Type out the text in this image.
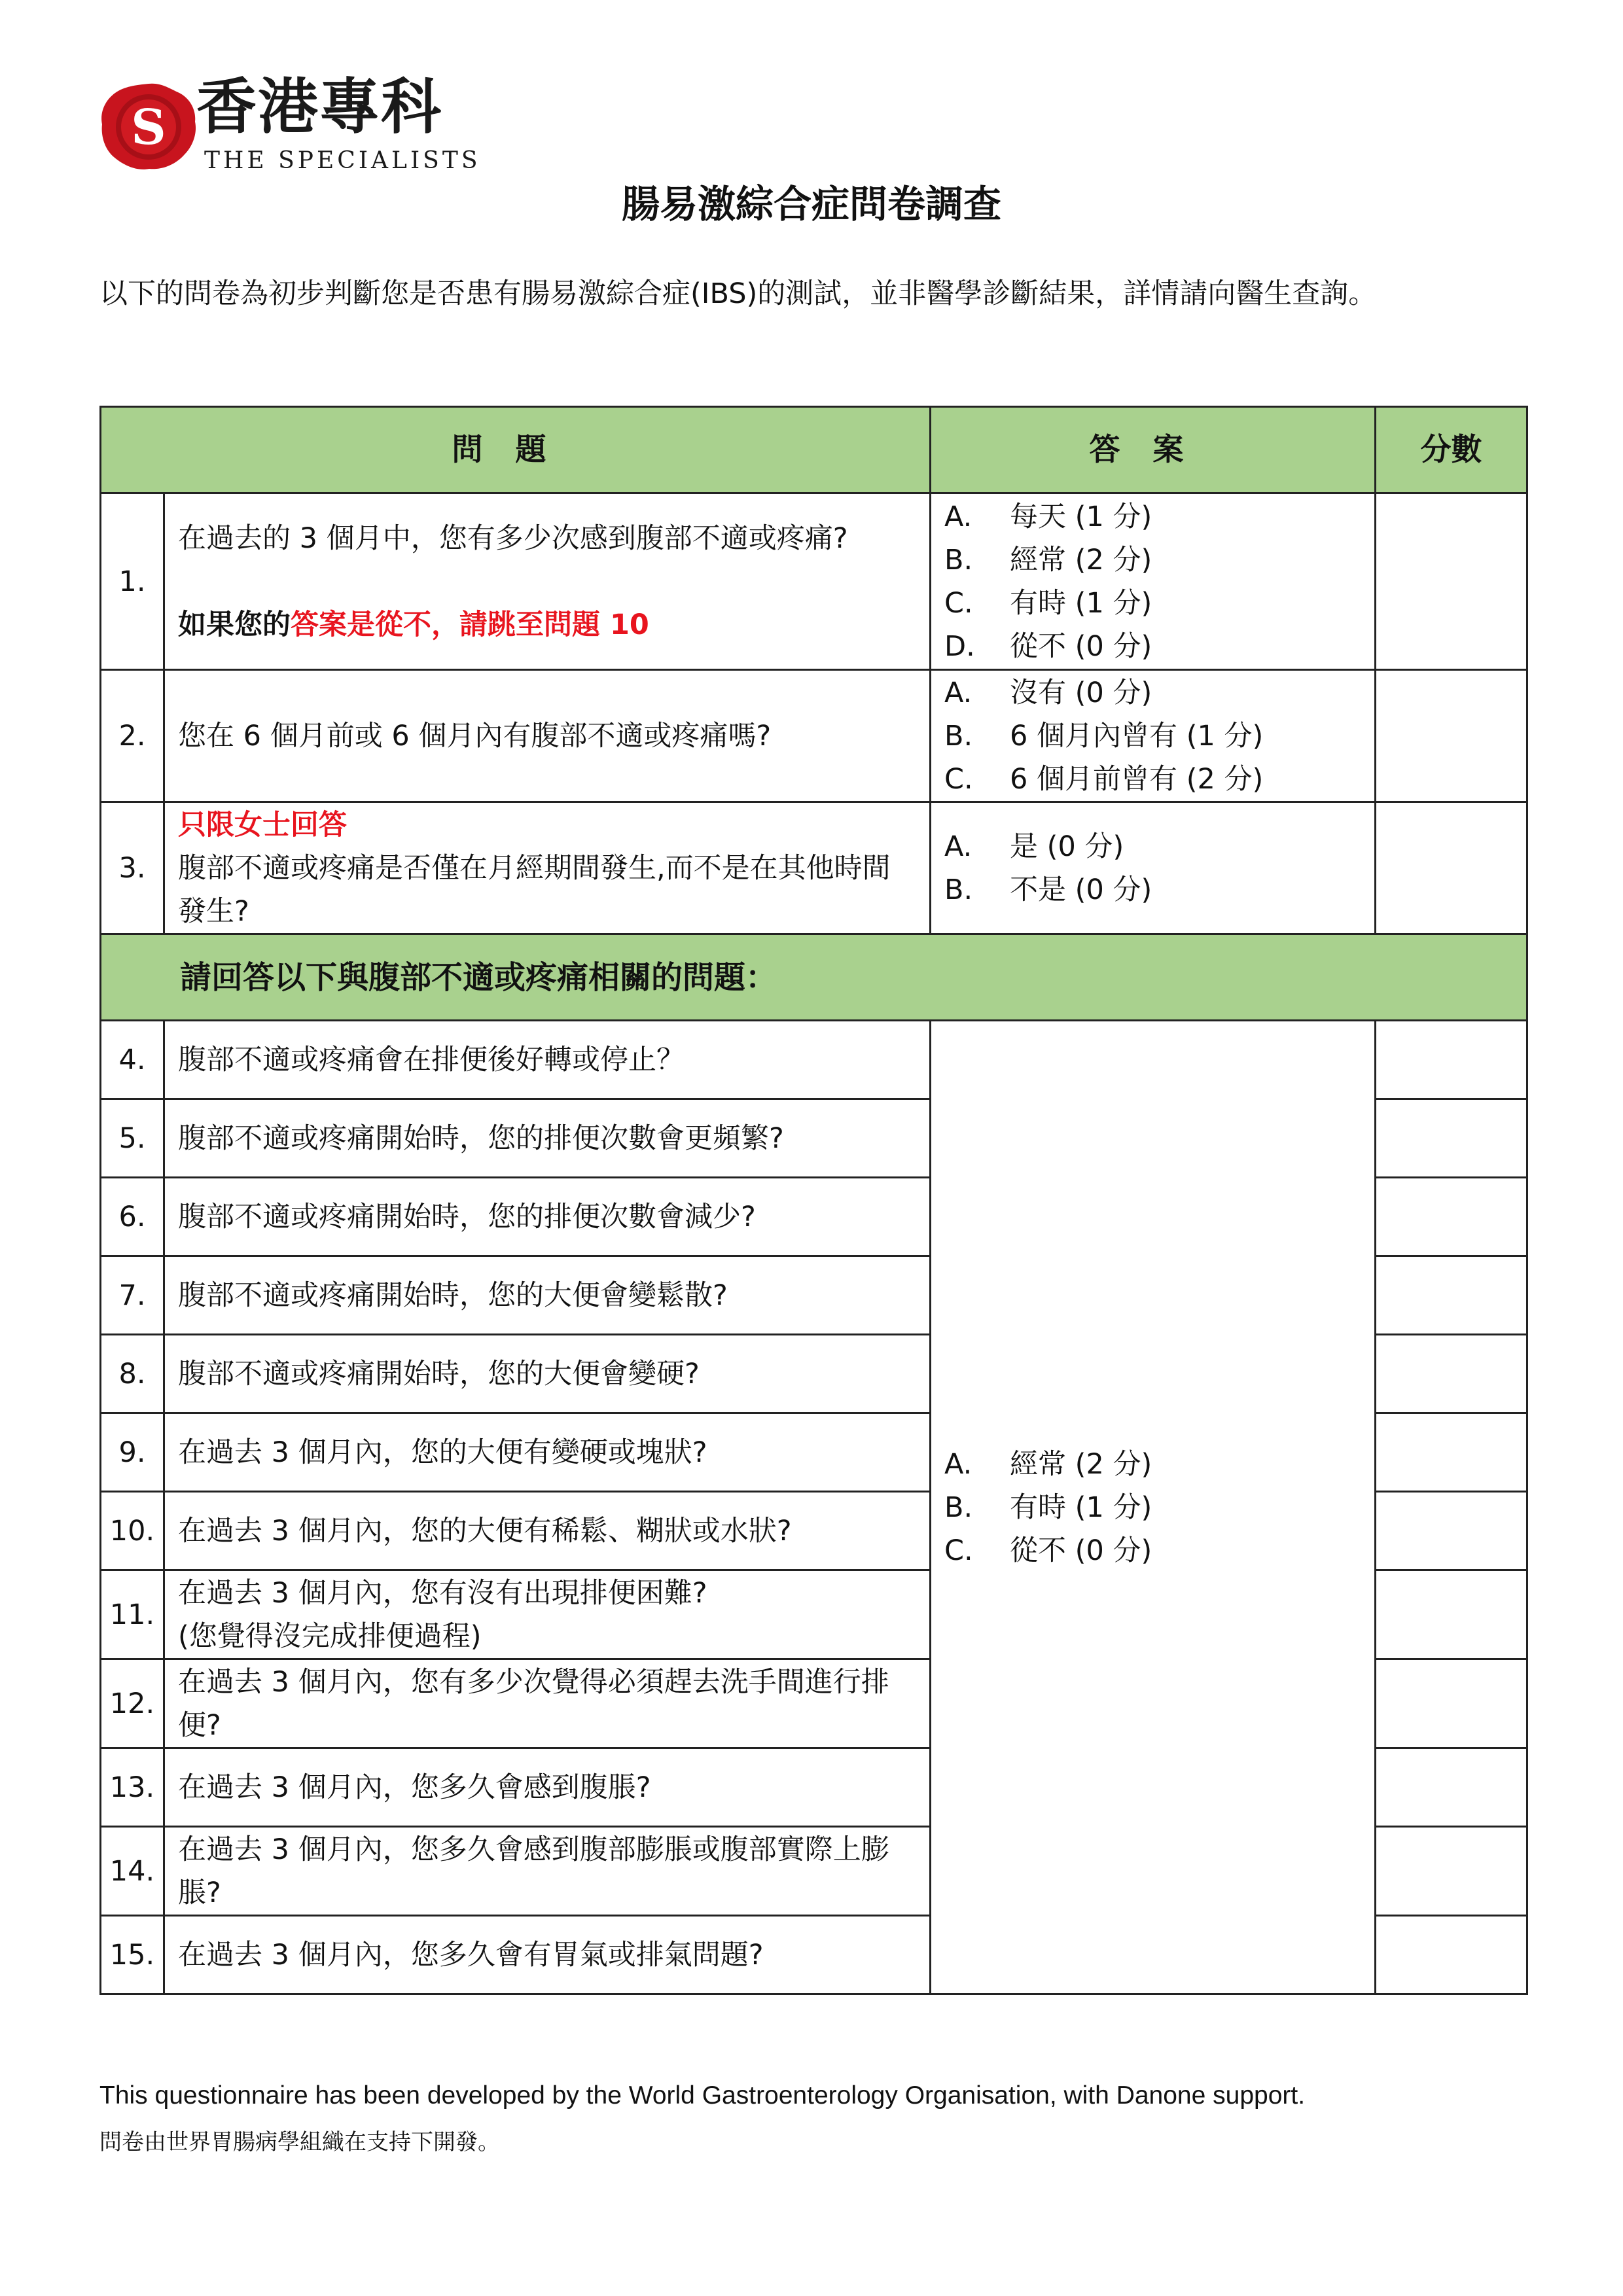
S 香港專科
THE SPECIALISTS
腸易激綜合症問卷調查
以下的問卷為初步判斷您是否患有腸易激綜合症(IBS)的測試，並非醫學診斷結果，詳情請向醫生查詢。
問題		答案	分數
1.	在過去的 3 個月中，您有多少次感到腹部不適或疼痛?
如果您的答案是從不，請跳至問題 10	A. 每天 (1 分)
B. 經常 (2 分)
C. 有時 (1 分)
D. 從不 (0 分)	

2.	您在 6 個月前或 6 個月內有腹部不適或疼痛嗎?	A. 沒有 (0 分)
B. 6 個月內曾有 (1 分)
C. 6 個月前曾有 (2 分)	

3.	只限女士回答
腹部不適或疼痛是否僅在月經期間發生,而不是在其他時間發生?	A. 是 (0 分)
B. 不是 (0 分)	

請回答以下與腹部不適或疼痛相關的問題：			
4.	腹部不適或疼痛會在排便後好轉或停止？	A. 經常 (2 分)
B. 有時 (1 分)
C. 從不 (0 分)	

5.	腹部不適或疼痛開始時，您的排便次數會更頻繁?		
6.	腹部不適或疼痛開始時，您的排便次數會減少?		
7.	腹部不適或疼痛開始時，您的大便會變鬆散?		
8.	腹部不適或疼痛開始時，您的大便會變硬?		
9.	在過去 3 個月內，您的大便有變硬或塊狀?		
10.	在過去 3 個月內，您的大便有稀鬆、糊狀或水狀?		
11.	在過去 3 個月內，您有沒有出現排便困難?
(您覺得沒完成排便過程)		

12.	在過去 3 個月內，您有多少次覺得必須趕去洗手間進行排便?		
13.	在過去 3 個月內，您多久會感到腹脹?		
14.	在過去 3 個月內，您多久會感到腹部膨脹或腹部實際上膨脹?		
15.	在過去 3 個月內，您多久會有胃氣或排氣問題?		
This questionnaire has been developed by the World Gastroenterology Organisation, with Danone support.
問卷由世界胃腸病學組織在支持下開發。
